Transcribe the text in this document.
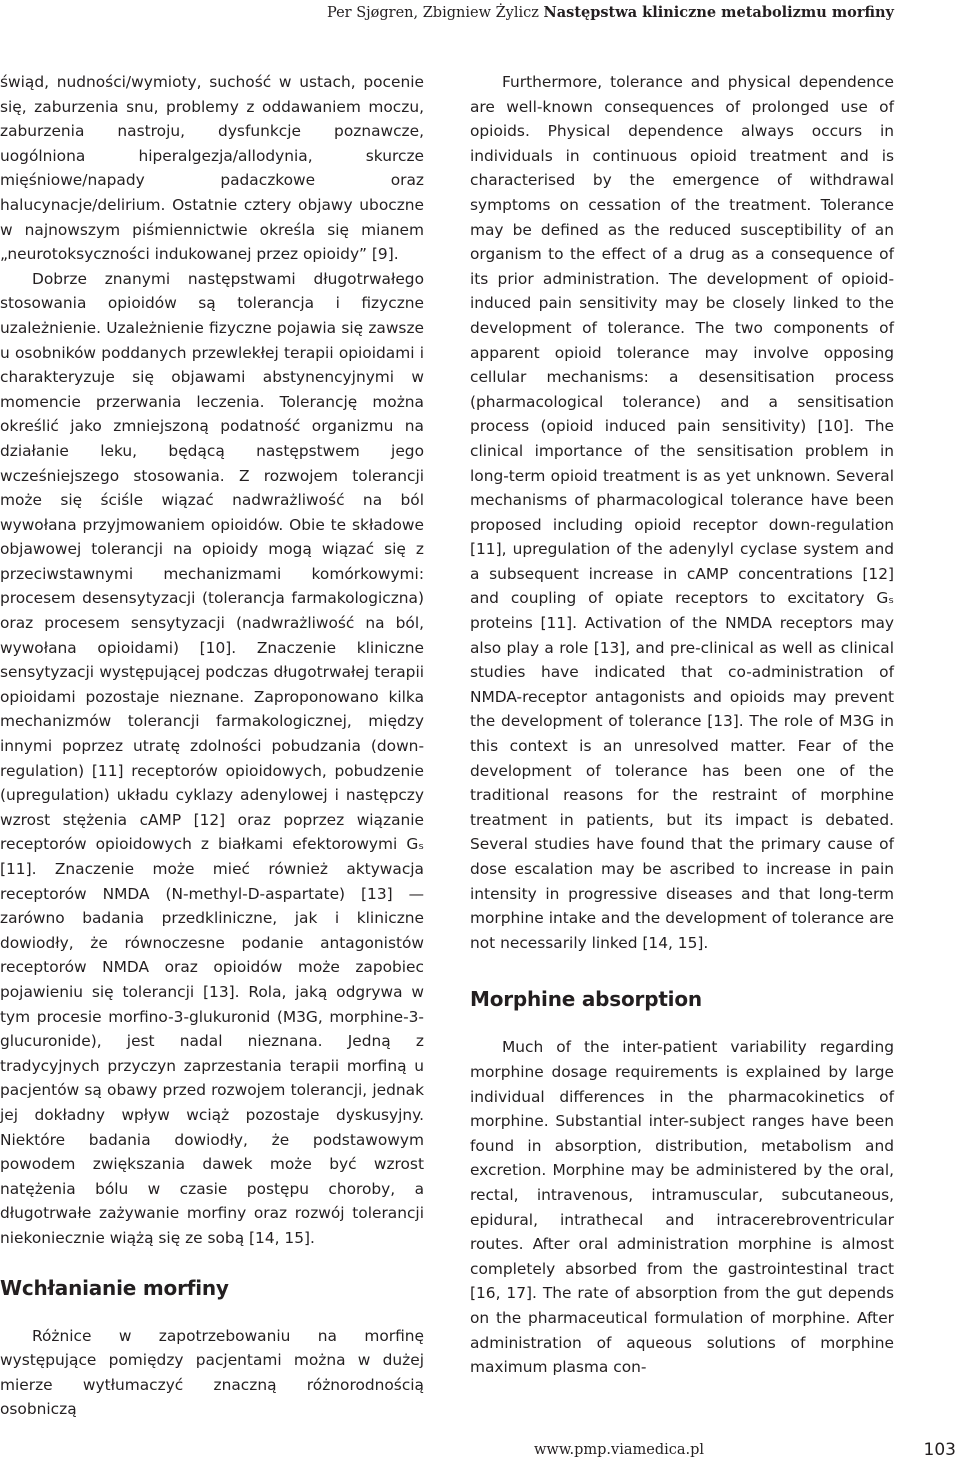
Per Sjøgren, Zbigniew Żylicz Następstwa kliniczne metabolizmu morfiny

świąd, nudności/wymioty, suchość w ustach, pocenie się, zaburzenia snu, problemy z oddawaniem moczu, zaburzenia nastroju, dysfunkcje poznawcze, uogólniona hiperalgezja/allodynia, skurcze mięśniowe/napady padaczkowe oraz halucynacje/delirium. Ostatnie cztery objawy uboczne w najnowszym piśmiennictwie określa się mianem „neurotoksyczności indukowanej przez opioidy” [9].

Dobrze znanymi następstwami długotrwałego stosowania opioidów są tolerancja i fizyczne uzależnienie. Uzależnienie fizyczne pojawia się zawsze u osobników poddanych przewlekłej terapii opioidami i charakteryzuje się objawami abstynencyjnymi w momencie przerwania leczenia. Tolerancję można określić jako zmniejszoną podatność organizmu na działanie leku, będącą następstwem jego wcześniejszego stosowania. Z rozwojem tolerancji może się ściśle wiązać nadwrażliwość na ból wywołana przyjmowaniem opioidów. Obie te składowe objawowej tolerancji na opioidy mogą wiązać się z przeciwstawnymi mechanizmami komórkowymi: procesem desensytyzacji (tolerancja farmakologiczna) oraz procesem sensytyzacji (nadwrażliwość na ból, wywołana opioidami) [10]. Znaczenie kliniczne sensytyzacji występującej podczas długotrwałej terapii opioidami pozostaje nieznane. Zaproponowano kilka mechanizmów tolerancji farmakologicznej, między innymi poprzez utratę zdolności pobudzania (down-regulation) [11] receptorów opioidowych, pobudzenie (upregulation) układu cyklazy adenylowej i następczy wzrost stężenia cAMP [12] oraz poprzez wiązanie receptorów opioidowych z białkami efektorowymi Gₛ [11]. Znaczenie może mieć również aktywacja receptorów NMDA (N-methyl-D-aspartate) [13] — zarówno badania przedkliniczne, jak i kliniczne dowiodły, że równoczesne podanie antagonistów receptorów NMDA oraz opioidów może zapobiec pojawieniu się tolerancji [13]. Rola, jaką odgrywa w tym procesie morfino-3-glukuronid (M3G, morphine-3-glucuronide), jest nadal nieznana. Jedną z tradycyjnych przyczyn zaprzestania terapii morfiną u pacjentów są obawy przed rozwojem tolerancji, jednak jej dokładny wpływ wciąż pozostaje dyskusyjny. Niektóre badania dowiodły, że podstawowym powodem zwiększania dawek może być wzrost natężenia bólu w czasie postępu choroby, a długotrwałe zażywanie morfiny oraz rozwój tolerancji niekoniecznie wiążą się ze sobą [14, 15].

Wchłanianie morfiny

Różnice w zapotrzebowaniu na morfinę występujące pomiędzy pacjentami można w dużej mierze wytłumaczyć znaczną różnorodnością osobniczą

Furthermore, tolerance and physical dependence are well-known consequences of prolonged use of opioids. Physical dependence always occurs in individuals in continuous opioid treatment and is characterised by the emergence of withdrawal symptoms on cessation of the treatment. Tolerance may be defined as the reduced susceptibility of an organism to the effect of a drug as a consequence of its prior administration. The development of opioid-induced pain sensitivity may be closely linked to the development of tolerance. The two components of apparent opioid tolerance may involve opposing cellular mechanisms: a desensitisation process (pharmacological tolerance) and a sensitisation process (opioid induced pain sensitivity) [10]. The clinical importance of the sensitisation problem in long-term opioid treatment is as yet unknown. Several mechanisms of pharmacological tolerance have been proposed including opioid receptor down-regulation [11], upregulation of the adenylyl cyclase system and a subsequent increase in cAMP concentrations [12] and coupling of opiate receptors to excitatory Gₛ proteins [11]. Activation of the NMDA receptors may also play a role [13], and pre-clinical as well as clinical studies have indicated that co-administration of NMDA-receptor antagonists and opioids may prevent the development of tolerance [13]. The role of M3G in this context is an unresolved matter. Fear of the development of tolerance has been one of the traditional reasons for the restraint of morphine treatment in patients, but its impact is debated. Several studies have found that the primary cause of dose escalation may be ascribed to increase in pain intensity in progressive diseases and that long-term morphine intake and the development of tolerance are not necessarily linked [14, 15].

Morphine absorption

Much of the inter-patient variability regarding morphine dosage requirements is explained by large individual differences in the pharmacokinetics of morphine. Substantial inter-subject ranges have been found in absorption, distribution, metabolism and excretion. Morphine may be administered by the oral, rectal, intravenous, intramuscular, subcutaneous, epidural, intrathecal and intracerebroventricular routes. After oral administration morphine is almost completely absorbed from the gastrointestinal tract [16, 17]. The rate of absorption from the gut depends on the pharmaceutical formulation of morphine. After administration of aqueous solutions of morphine maximum plasma con-

www.pmp.viamedica.pl	103
